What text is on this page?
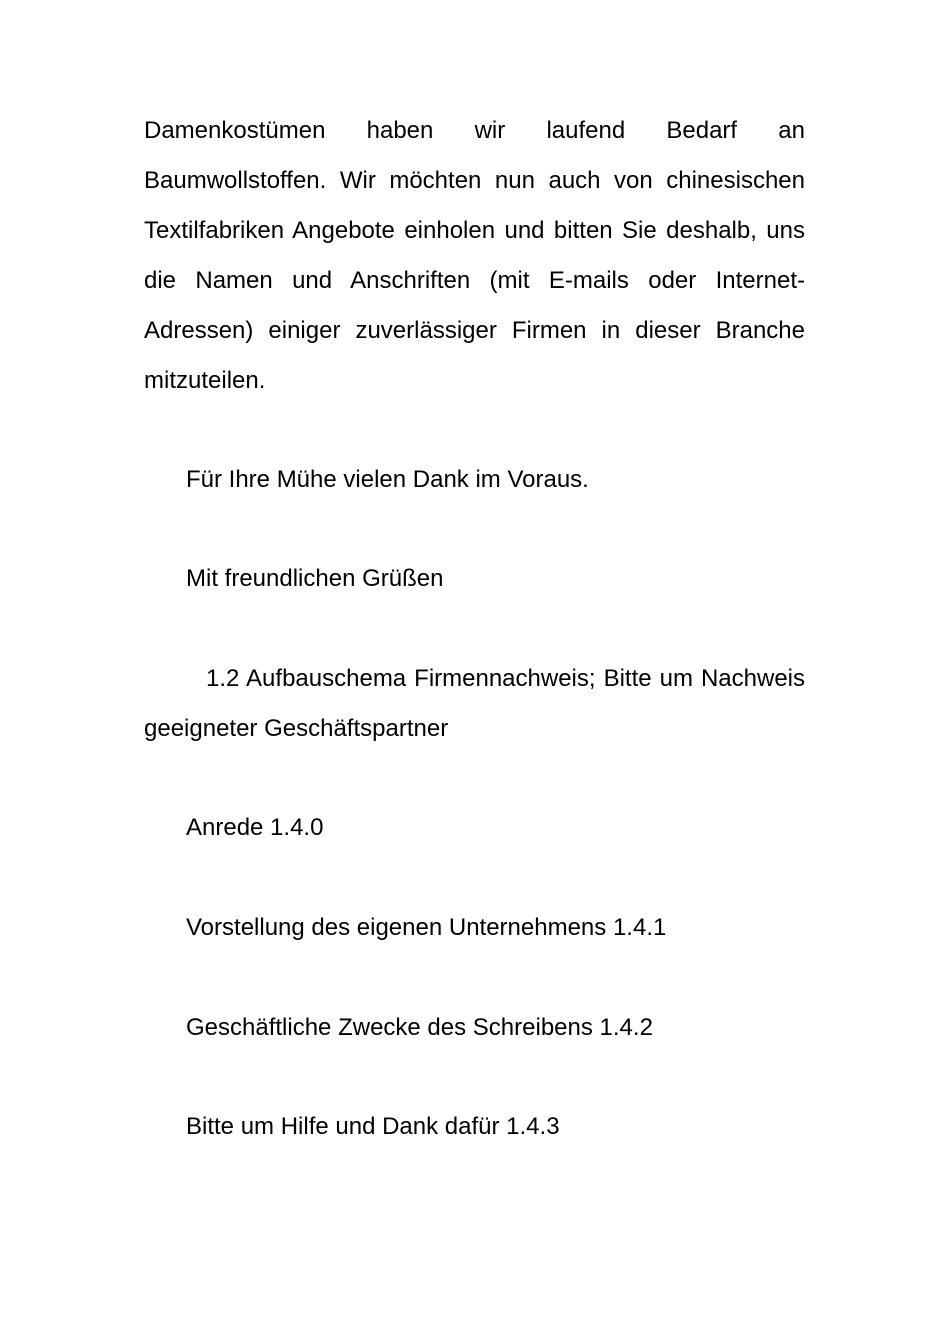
Damenkostümen haben wir laufend Bedarf an Baumwollstoffen. Wir möchten nun auch von chinesischen Textilfabriken Angebote einholen und bitten Sie deshalb, uns die Namen und Anschriften (mit E-mails oder Internet-Adressen) einiger zuverlässiger Firmen in dieser Branche mitzuteilen.

Für Ihre Mühe vielen Dank im Voraus.

Mit freundlichen Grüßen

1.2 Aufbauschema Firmennachweis; Bitte um Nachweis geeigneter Geschäftspartner

Anrede 1.4.0

Vorstellung des eigenen Unternehmens 1.4.1

Geschäftliche Zwecke des Schreibens 1.4.2

Bitte um Hilfe und Dank dafür 1.4.3
